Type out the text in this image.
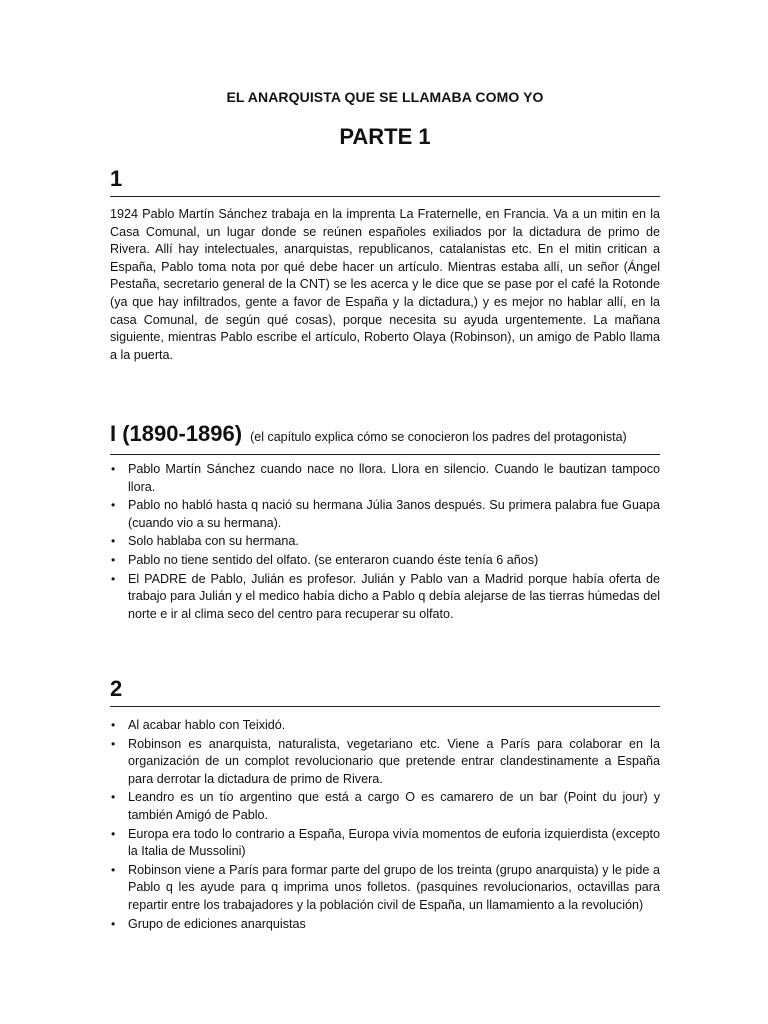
EL ANARQUISTA QUE SE LLAMABA COMO YO
PARTE 1
1

1924 Pablo Martín Sánchez trabaja en la imprenta La Fraternelle, en Francia. Va a un mitin en la Casa Comunal, un lugar donde se reúnen españoles exiliados por la dictadura de primo de Rivera. Allí hay intelectuales, anarquistas, republicanos, catalanistas etc. En el mitin critican a España, Pablo toma nota por qué debe hacer un artículo. Mientras estaba allí, un señor (Ángel Pestaña, secretario general de la CNT) se les acerca y le dice que se pase por el café la Rotonde (ya que hay infiltrados, gente a favor de España y la dictadura,) y es mejor no hablar allí, en la casa Comunal, de según qué cosas), porque necesita su ayuda urgentemente. La mañana siguiente, mientras Pablo escribe el artículo, Roberto Olaya (Robinson), un amigo de Pablo llama a la puerta.

I (1890-1896) (el capítulo explica cómo se conocieron los padres del protagonista)
• Pablo Martín Sánchez cuando nace no llora. Llora en silencio. Cuando le bautizan tampoco llora.
• Pablo no habló hasta q nació su hermana Júlia 3anos después. Su primera palabra fue Guapa (cuando vio a su hermana).
• Solo hablaba con su hermana.
• Pablo no tiene sentido del olfato. (se enteraron cuando éste tenía 6 años)
• El PADRE de Pablo, Julián es profesor. Julián y Pablo van a Madrid porque había oferta de trabajo para Julián y el medico había dicho a Pablo q debía alejarse de las tierras húmedas del norte e ir al clima seco del centro para recuperar su olfato.
2
• Al acabar hablo con Teixidó.
• Robinson es anarquista, naturalista, vegetariano etc. Viene a París para colaborar en la organización de un complot revolucionario que pretende entrar clandestinamente a España para derrotar la dictadura de primo de Rivera.
• Leandro es un tío argentino que está a cargo O es camarero de un bar (Point du jour) y también Amigó de Pablo.
• Europa era todo lo contrario a España, Europa vivía momentos de euforia izquierdista (excepto la Italia de Mussolini)
• Robinson viene a París para formar parte del grupo de los treinta (grupo anarquista) y le pide a Pablo q les ayude para q imprima unos folletos. (pasquines revolucionarios, octavillas para repartir entre los trabajadores y la población civil de España, un llamamiento a la revolución)
• Grupo de ediciones anarquistas
